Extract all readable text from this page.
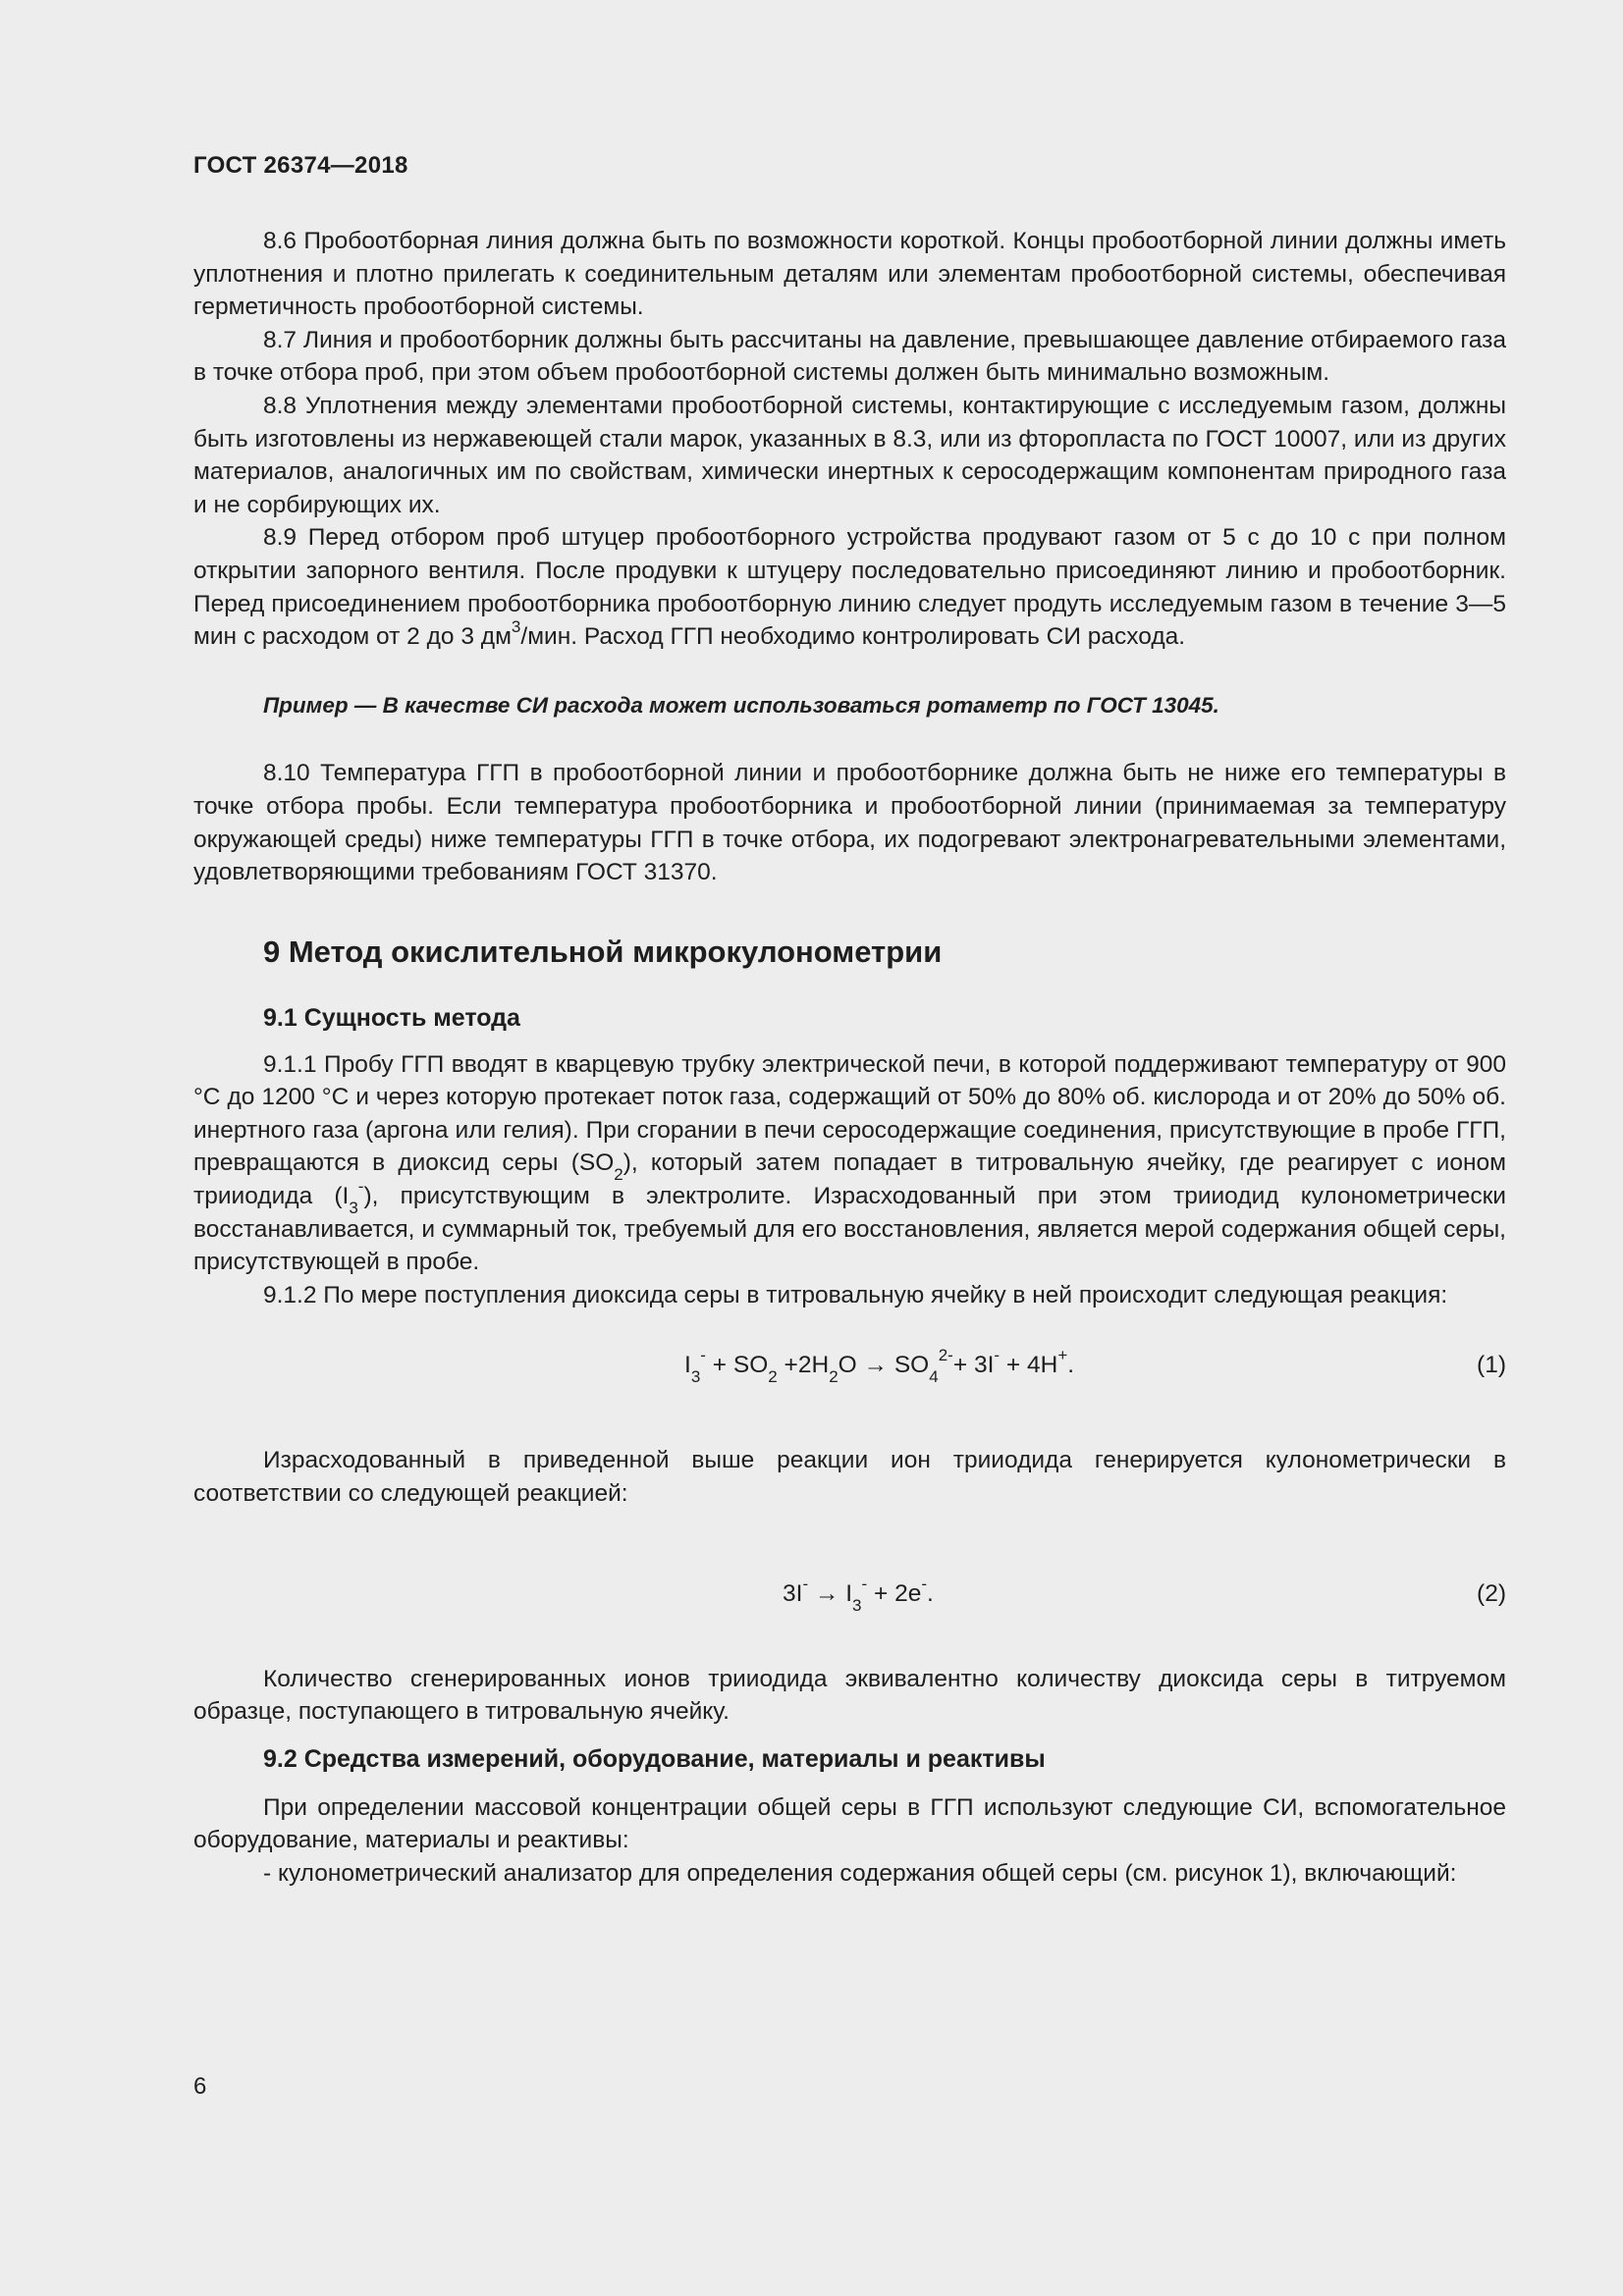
ГОСТ 26374—2018

8.6 Пробоотборная линия должна быть по возможности короткой. Концы пробоотборной линии должны иметь уплотнения и плотно прилегать к соединительным деталям или элементам пробоотборной системы, обеспечивая герметичность пробоотборной системы.

8.7 Линия и пробоотборник должны быть рассчитаны на давление, превышающее давление отбираемого газа в точке отбора проб, при этом объем пробоотборной системы должен быть минимально возможным.

8.8 Уплотнения между элементами пробоотборной системы, контактирующие с исследуемым газом, должны быть изготовлены из нержавеющей стали марок, указанных в 8.3, или из фторопласта по ГОСТ 10007, или из других материалов, аналогичных им по свойствам, химически инертных к серосодержащим компонентам природного газа и не сорбирующих их.

8.9 Перед отбором проб штуцер пробоотборного устройства продувают газом от 5 с до 10 с при полном открытии запорного вентиля. После продувки к штуцеру последовательно присоединяют линию и пробоотборник. Перед присоединением пробоотборника пробоотборную линию следует продуть исследуемым газом в течение 3—5 мин с расходом от 2 до 3 $дм^3$/мин. Расход ГГП необходимо контролировать СИ расхода.

Пример — В качестве СИ расхода может использоваться ротаметр по ГОСТ 13045.

8.10 Температура ГГП в пробоотборной линии и пробоотборнике должна быть не ниже его температуры в точке отбора пробы. Если температура пробоотборника и пробоотборной линии (принимаемая за температуру окружающей среды) ниже температуры ГГП в точке отбора, их подогревают электронагревательными элементами, удовлетворяющими требованиям ГОСТ 31370.

9 Метод окислительной микрокулонометрии
9.1 Сущность метода

9.1.1 Пробу ГГП вводят в кварцевую трубку электрической печи, в которой поддерживают температуру от 900 °С до 1200 °С и через которую протекает поток газа, содержащий от 50% до 80% об. кислорода и от 20% до 50% об. инертного газа (аргона или гелия). При сгорании в печи серосодержащие соединения, присутствующие в пробе ГГП, превращаются в диоксид серы $(SO_2)$, который затем попадает в титровальную ячейку, где реагирует с ионом трииодида $(I_3^-)$, присутствующим в электролите. Израсходованный при этом трииодид кулонометрически восстанавливается, и суммарный ток, требуемый для его восстановления, является мерой содержания общей серы, присутствующей в пробе.

9.1.2 По мере поступления диоксида серы в титровальную ячейку в ней происходит следующая реакция:

$I_3^- + SO_2 +2H_2O \to SO_4^{2-}+ 3I^- + 4H^+$.	(1)

Израсходованный в приведенной выше реакции ион трииодида генерируется кулонометрически в соответствии со следующей реакцией:

$3I^- \to I_3^- + 2e^-$.	(2)

Количество сгенерированных ионов трииодида эквивалентно количеству диоксида серы в титруемом образце, поступающего в титровальную ячейку.

9.2 Средства измерений, оборудование, материалы и реактивы

При определении массовой концентрации общей серы в ГГП используют следующие СИ, вспомогательное оборудование, материалы и реактивы:

- кулонометрический анализатор для определения содержания общей серы (см. рисунок 1), включающий:

6
